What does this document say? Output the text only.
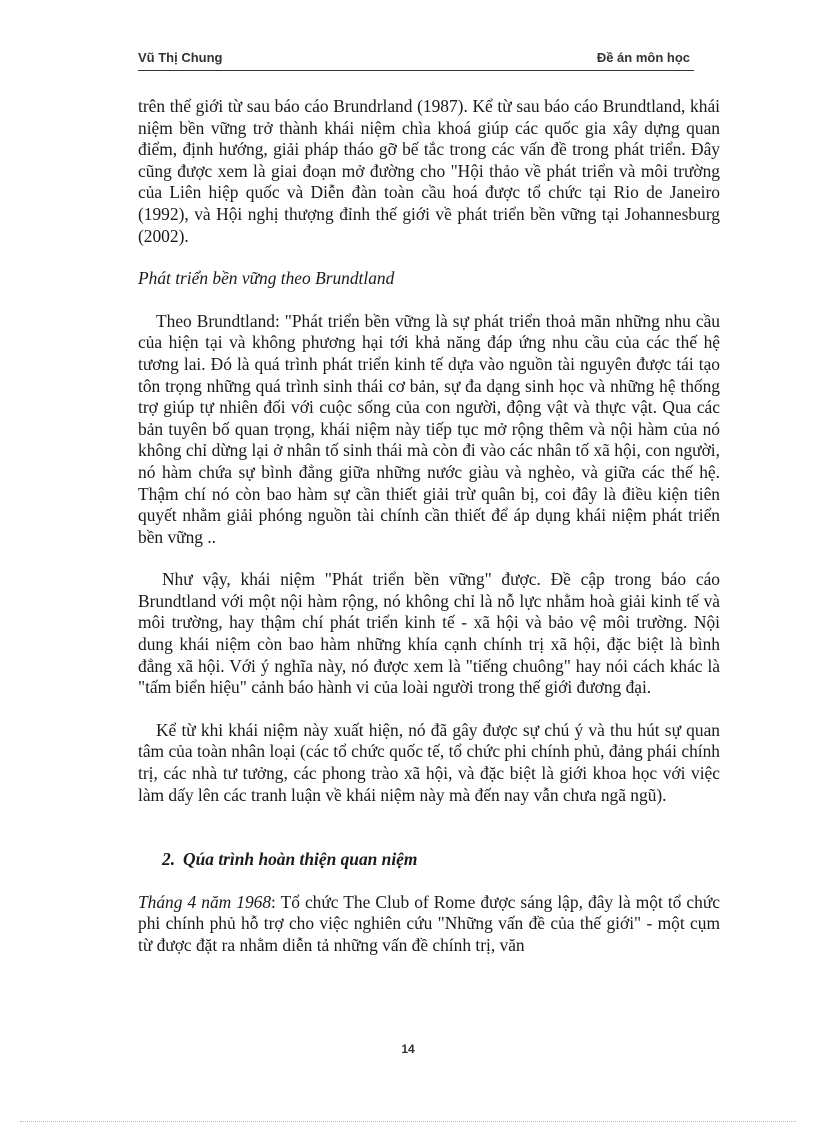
Vũ Thị Chung	Đề án môn học

trên thế giới từ sau báo cáo Brundrland (1987). Kể từ sau báo cáo Brundtland, khái niệm bền vững trở thành khái niệm chìa khoá giúp các quốc gia xây dựng quan điểm, định hướng, giải pháp tháo gỡ bế tắc trong các vấn đề trong phát triển. Đây cũng được xem là giai đoạn mở đường cho "Hội thảo về phát triển và môi trường của Liên hiệp quốc và Diễn đàn toàn cầu hoá được tổ chức tại Rio de Janeiro (1992), và Hội nghị thượng đỉnh thế giới về phát triển bền vững tại Johannesburg (2002).

Phát triển bền vững theo Brundtland

Theo Brundtland: "Phát triển bền vững là sự phát triển thoả mãn những nhu cầu của hiện tại và không phương hại tới khả năng đáp ứng nhu cầu của các thế hệ tương lai. Đó là quá trình phát triển kinh tế dựa vào nguồn tài nguyên được tái tạo tôn trọng những quá trình sinh thái cơ bản, sự đa dạng sinh học và những hệ thống trợ giúp tự nhiên đối với cuộc sống của con người, động vật và thực vật. Qua các bản tuyên bố quan trọng, khái niệm này tiếp tục mở rộng thêm và nội hàm của nó không chỉ dừng lại ở nhân tố sinh thái mà còn đi vào các nhân tố xã hội, con người, nó hàm chứa sự bình đẳng giữa những nước giàu và nghèo, và giữa các thế hệ. Thậm chí nó còn bao hàm sự cần thiết giải trừ quân bị, coi đây là điều kiện tiên quyết nhằm giải phóng nguồn tài chính cần thiết để áp dụng khái niệm phát triển bền vững ..

Như vậy, khái niệm "Phát triển bền vững" được. Đề cập trong báo cáo Brundtland với một nội hàm rộng, nó không chỉ là nỗ lực nhằm hoà giải kinh tế và môi trường, hay thậm chí phát triển kinh tế - xã hội và bảo vệ môi trường. Nội dung khái niệm còn bao hàm những khía cạnh chính trị xã hội, đặc biệt là bình đẳng xã hội. Với ý nghĩa này, nó được xem là "tiếng chuông" hay nói cách khác là "tấm biển hiệu" cảnh báo hành vi của loài người trong thế giới đương đại.

Kể từ khi khái niệm này xuất hiện, nó đã gây được sự chú ý và thu hút sự quan tâm của toàn nhân loại (các tổ chức quốc tế, tổ chức phi chính phủ, đảng phái chính trị, các nhà tư tưởng, các phong trào xã hội, và đặc biệt là giới khoa học với việc làm dấy lên các tranh luận về khái niệm này mà đến nay vẫn chưa ngã ngũ).

2. Qúa trình hoàn thiện quan niệm

Tháng 4 năm 1968: Tổ chức The Club of Rome được sáng lập, đây là một tổ chức phi chính phủ hỗ trợ cho việc nghiên cứu "Những vấn đề của thế giới" - một cụm từ được đặt ra nhằm diễn tả những vấn đề chính trị, văn

14
